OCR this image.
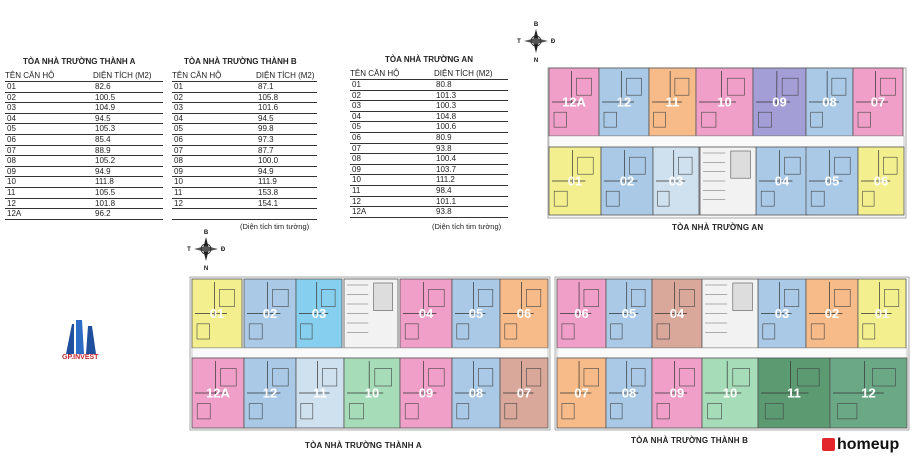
TÒA NHÀ TRƯỜNG THÀNH A
TÊN CĂN HỘ	DIỆN TÍCH (M2)
01	82.6
02	100.5
03	104.9
04	94.5
05	105.3
06	85.4
07	88.9
08	105.2
09	94.9
10	111.8
11	105.5
12	101.8
12A	96.2
TÒA NHÀ TRƯỜNG THÀNH B
TÊN CĂN HỘ	DIỆN TÍCH (M2)
01	87.1
02	105.8
03	101.6
04	94.5
05	99.8
06	97.3
07	87.7
08	100.0
09	94.9
10	111.9
11	153.8
12	154.1

(Diện tích tim tường)
TÒA NHÀ TRƯỜNG AN
TÊN CĂN HỘ	DIỆN TÍCH (M2)
01	80.8
02	101.3
03	100.3
04	104.8
05	100.6
06	80.9
07	93.8
08	100.4
09	103.7
10	111.2
11	98.4
12	101.1
12A	93.8
(Diện tích tim tường)
B
N
Đ
T
B
N
Đ
T
12A 12	11	10	09	08	07
01	02	03	04	05	06
01	02	03	04	05	06
12A	12	11	10	09	08	07
06	05	04	03	02	01
07	08	09	10	11	12
TÒA NHÀ TRƯỜNG AN
TÒA NHÀ TRƯỜNG THÀNH A
TÒA NHÀ TRƯỜNG THÀNH B
GP.INVEST
homeup
